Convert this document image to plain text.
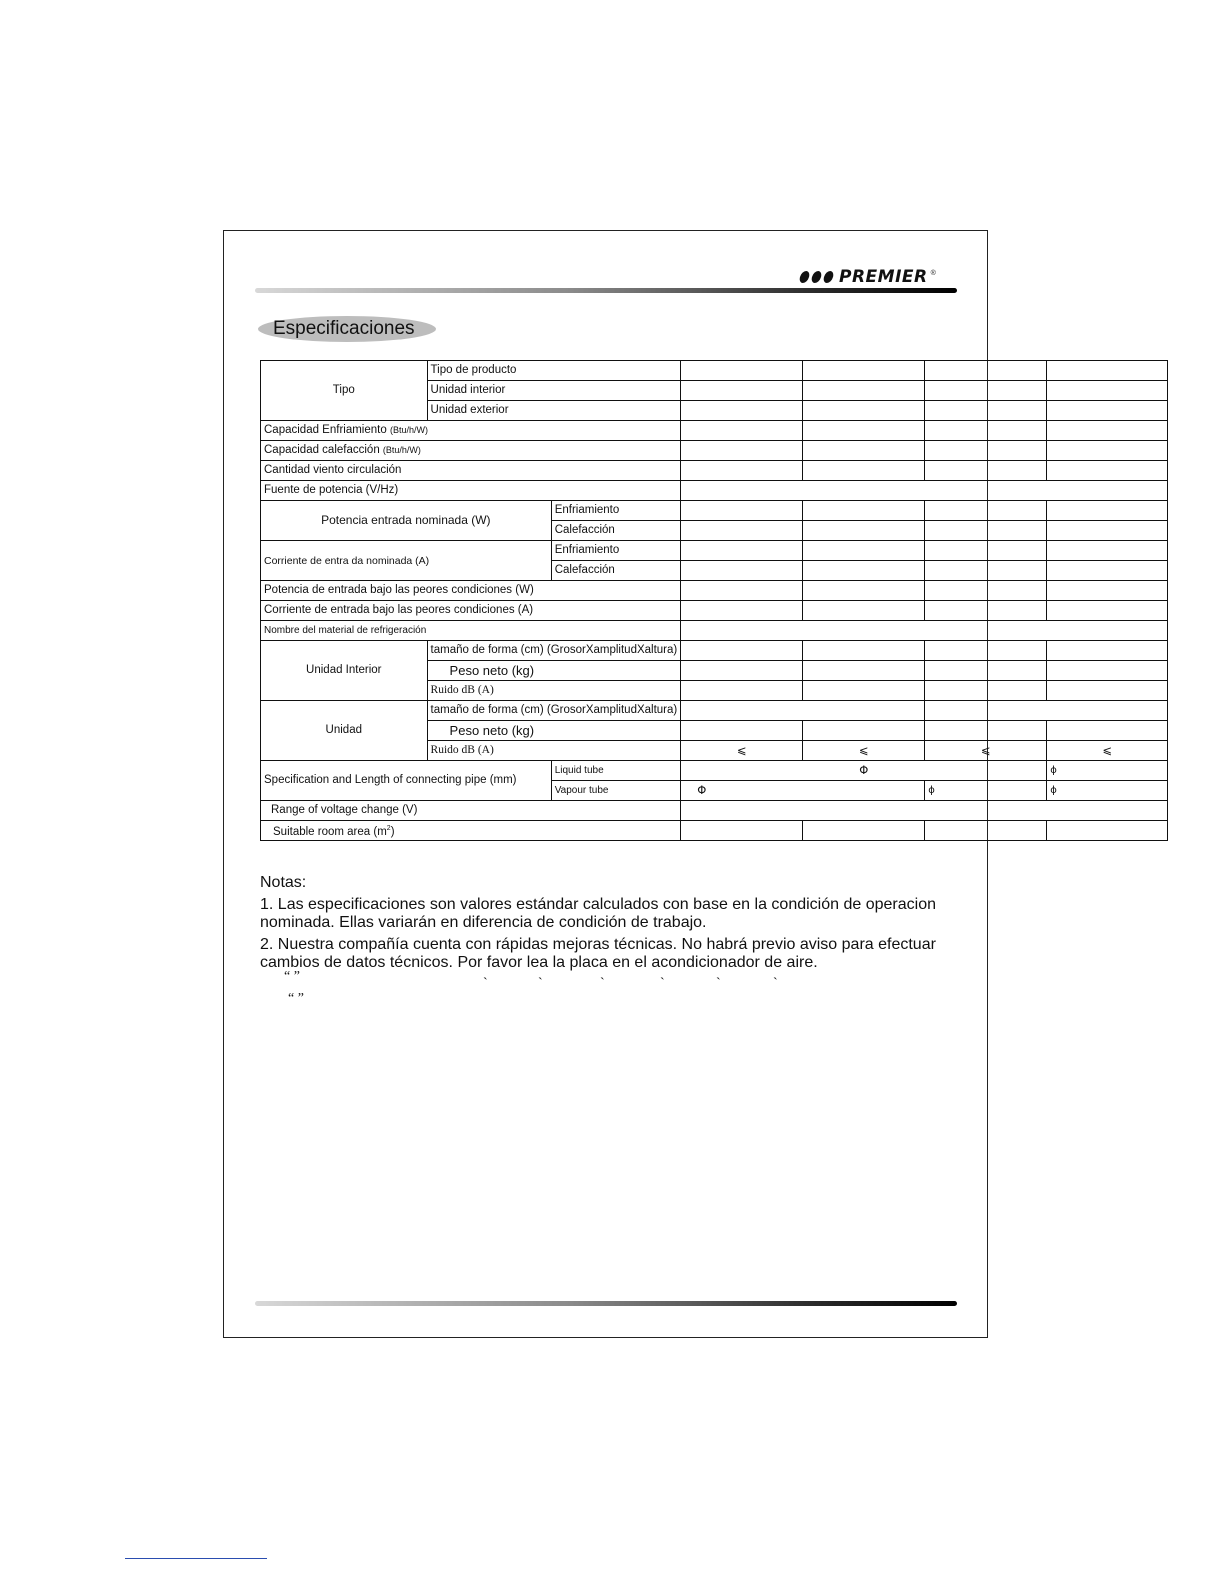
PREMIER ®
Especificaciones
Tipo	Tipo de producto					
	Unidad interior					
	Unidad exterior					
Capacidad Enfriamiento (Btu/h/W)						
Capacidad calefacción (Btu/h/W)						
Cantidad viento circulación						
Fuente de potencia (V/Hz)						
Potencia entrada nominada (W)		Enfriamiento				
		Calefacción				
Corriente de entra da nominada (A)		Enfriamiento				
		Calefacción				
Potencia de entrada bajo las peores condiciones (W)						
Corriente de entrada bajo las peores condiciones (A)						
Nombre del material de refrigeración						
Unidad Interior	tamaño de forma (cm) (GrosorXamplitudXaltura)					
	Peso neto (kg)					
	Ruido dB (A)					
Unidad	tamaño de forma (cm) (GrosorXamplitudXaltura)					
	Peso neto (kg)					
	Ruido dB (A)		⩽	⩽	⩽	⩽
Specification and Length of connecting pipe (mm)		Liquid tube	Φ			ϕ
		Vapour tube	Φ		ϕ	ϕ
Range of voltage change (V)						
Suitable room area $(m^2)$						

Notas:

1. Las especificaciones son valores estándar calculados con base en la condición de operacion nominada. Ellas variarán en diferencia de condición de trabajo.

2. Nuestra compañía cuenta con rápidas mejoras técnicas. No habrá previo aviso para efectuar cambios de datos técnicos. Por favor lea la placa en el acondicionador de aire.

“ ”
“ ”
`	`	`	`	`	`
